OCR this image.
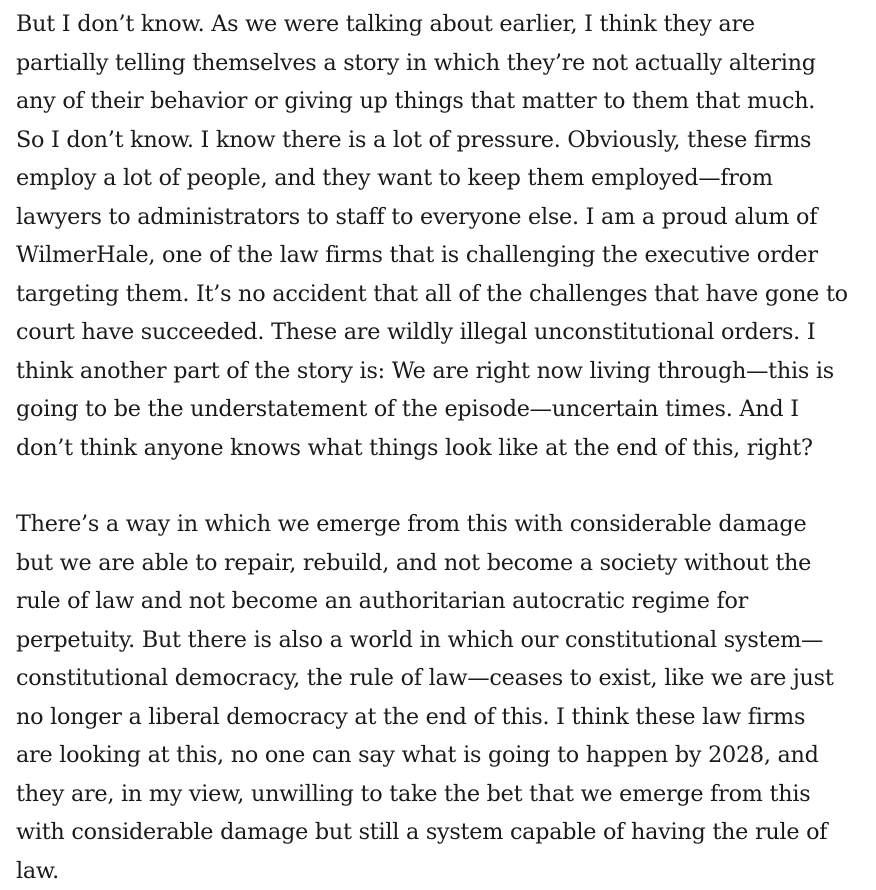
But I don’t know. As we were talking about earlier, I think they are
partially telling themselves a story in which they’re not actually altering
any of their behavior or giving up things that matter to them that much.
So I don’t know. I know there is a lot of pressure. Obviously, these firms
employ a lot of people, and they want to keep them employed—from
lawyers to administrators to staff to everyone else. I am a proud alum of
WilmerHale, one of the law firms that is challenging the executive order
targeting them. It’s no accident that all of the challenges that have gone to
court have succeeded. These are wildly illegal unconstitutional orders. I
think another part of the story is: We are right now living through—this is
going to be the understatement of the episode—uncertain times. And I
don’t think anyone knows what things look like at the end of this, right?

There’s a way in which we emerge from this with considerable damage
but we are able to repair, rebuild, and not become a society without the
rule of law and not become an authoritarian autocratic regime for
perpetuity. But there is also a world in which our constitutional system—
constitutional democracy, the rule of law—ceases to exist, like we are just
no longer a liberal democracy at the end of this. I think these law firms
are looking at this, no one can say what is going to happen by 2028, and
they are, in my view, unwilling to take the bet that we emerge from this
with considerable damage but still a system capable of having the rule of
law.
